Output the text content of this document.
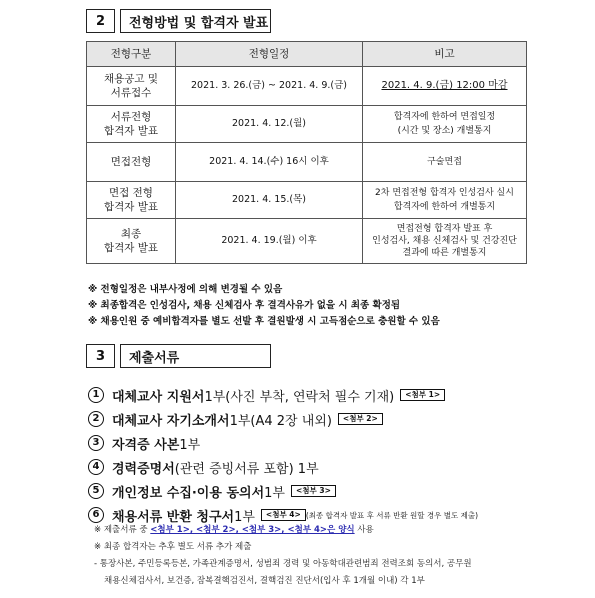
2	전형방법 및 합격자 발표
전형구분	전형일정	비고
채용공고 및
서류접수	2021. 3. 26.(금) ~ 2021. 4. 9.(금)	2021. 4. 9.(금) 12:00 마감
서류전형
합격자 발표	2021. 4. 12.(월)	합격자에 한하여 면접일정
(시간 및 장소) 개별통지
면접전형	2021. 4. 14.(수) 16시 이후	구술면접
면접 전형
합격자 발표	2021. 4. 15.(목)	2차 면접전형 합격자 인성검사 실시
합격자에 한하여 개별통지
최종
합격자 발표	2021. 4. 19.(월) 이후	면접전형 합격자 발표 후
인성검사, 채용 신체검사 및 건강진단
결과에 따른 개별통지
※ 전형일정은 내부사정에 의해 변경될 수 있음
※ 최종합격은 인성검사, 채용 신체검사 후 결격사유가 없을 시 최종 확정됨
※ 채용인원 중 예비합격자를 별도 선발 후 결원발생 시 고득점순으로 충원할 수 있음
3	제출서류
1 대체교사 지원서 1부(사진 부착, 연락처 필수 기재)	<첨부 1>
2 대체교사 자기소개서 1부(A4 2장 내외)	<첨부 2>
3 자격증 사본 1부
4 경력증명서 (관련 증빙서류 포함) 1부
5 개인정보 수집·이용 동의서 1부	<첨부 3>
6 채용서류 반환 청구서 1부	<첨부 4> (최종 합격자 발표 후 서류 반환 원할 경우 별도 제출)
※ 제출서류 중 <첨부 1>, <첨부 2>, <첨부 3>, <첨부 4>은 양식 사용
※ 최종 합격자는 추후 별도 서류 추가 제출
- 통장사본, 주민등록등본, 가족관계증명서, 성범죄 경력 및 아동학대관련범죄 전력조회 동의서, 공무원
채용신체검사서, 보건증, 잠복결핵검진서, 결핵검진 진단서(입사 후 1개월 이내) 각 1부
